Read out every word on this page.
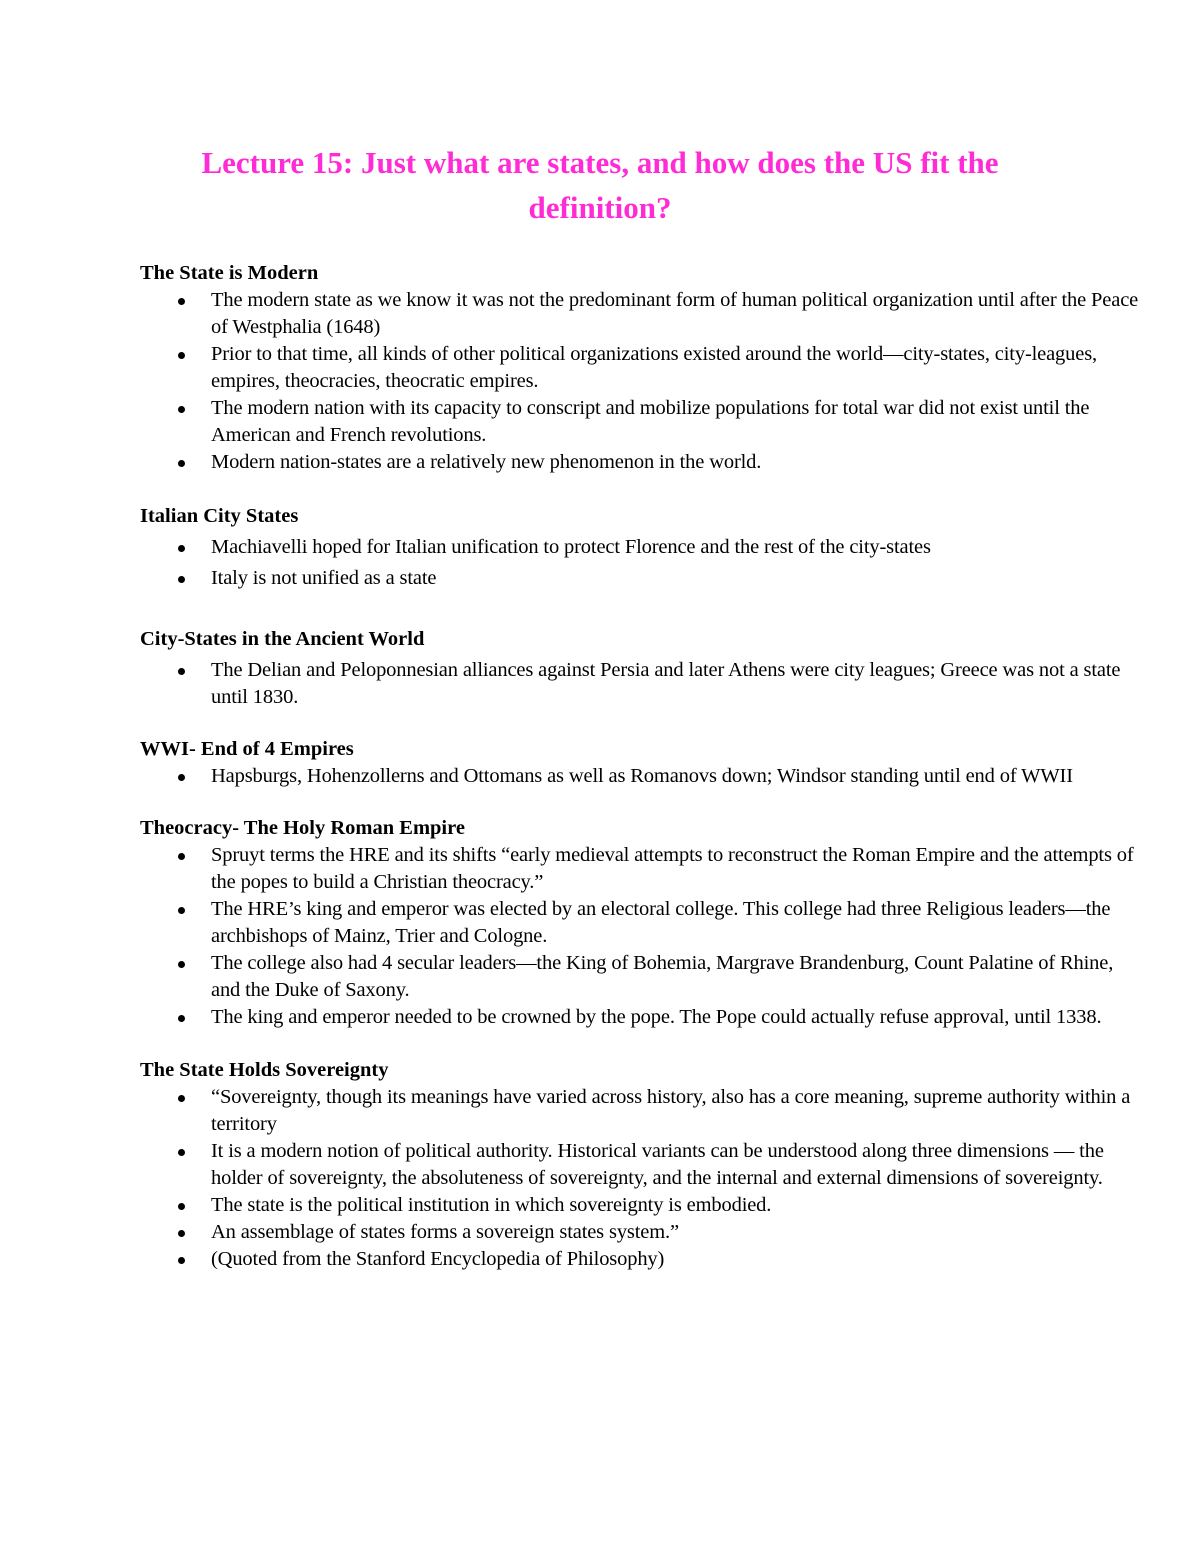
Lecture 15: Just what are states, and how does the US fit the definition?
The State is Modern
The modern state as we know it was not the predominant form of human political organization until after the Peace of Westphalia (1648)
Prior to that time, all kinds of other political organizations existed around the world—city-states, city-leagues, empires, theocracies, theocratic empires.
The modern nation with its capacity to conscript and mobilize populations for total war did not exist until the American and French revolutions.
Modern nation-states are a relatively new phenomenon in the world.
Italian City States
Machiavelli hoped for Italian unification to protect Florence and the rest of the city-states
Italy is not unified as a state
City-States in the Ancient World
The Delian and Peloponnesian alliances against Persia and later Athens were city leagues; Greece was not a state until 1830.
WWI- End of 4 Empires
Hapsburgs, Hohenzollerns and Ottomans as well as Romanovs down; Windsor standing until end of WWII
Theocracy- The Holy Roman Empire
Spruyt terms the HRE and its shifts “early medieval attempts to reconstruct the Roman Empire and the attempts of the popes to build a Christian theocracy.”
The HRE’s king and emperor was elected by an electoral college. This college had three Religious leaders—the archbishops of Mainz, Trier and Cologne.
The college also had 4 secular leaders—the King of Bohemia, Margrave Brandenburg, Count Palatine of Rhine, and the Duke of Saxony.
The king and emperor needed to be crowned by the pope. The Pope could actually refuse approval, until 1338.
The State Holds Sovereignty
“Sovereignty, though its meanings have varied across history, also has a core meaning, supreme authority within a territory
It is a modern notion of political authority. Historical variants can be understood along three dimensions — the holder of sovereignty, the absoluteness of sovereignty, and the internal and external dimensions of sovereignty.
The state is the political institution in which sovereignty is embodied.
An assemblage of states forms a sovereign states system.”
(Quoted from the Stanford Encyclopedia of Philosophy)
